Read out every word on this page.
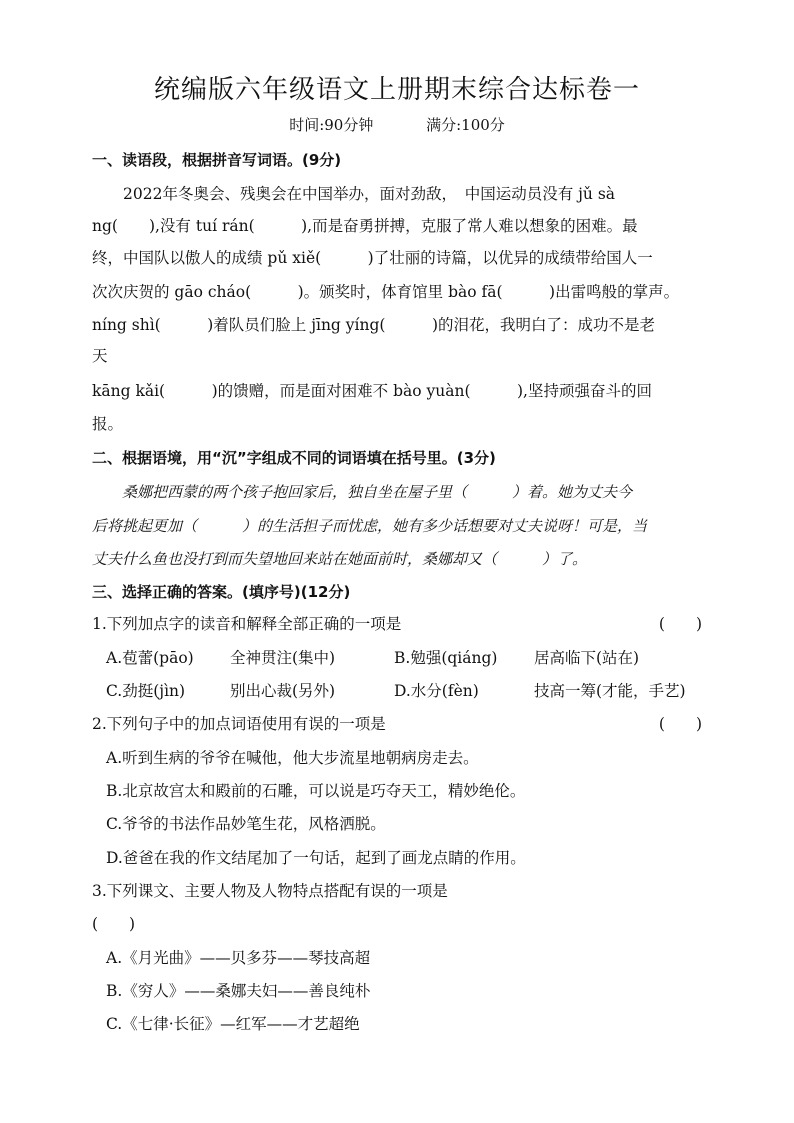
统编版六年级语文上册期末综合达标卷一
时间:90分钟	满分:100分
一、读语段，根据拼音写词语。(9分)
　　2022年冬奥会、残奥会在中国举办，面对劲敌，　中国运动员没有 jǔ sà
ng(　　),没有 tuí rán(　　　),而是奋勇拼搏，克服了常人难以想象的困难。最
终，中国队以傲人的成绩 pǔ xiě(　　　)了壮丽的诗篇，以优异的成绩带给国人一
次次庆贺的 gāo cháo(　　　)。颁奖时，体育馆里 bào fā(　　　)出雷鸣般的掌声。
níng shì(　　　)着队员们脸上 jīng yíng(　　　)的泪花，我明白了：成功不是老
天
kāng kǎi(　　　)的馈赠，而是面对困难不 bào yuàn(　　　),坚持顽强奋斗的回
报。
二、根据语境，用“沉”字组成不同的词语填在括号里。(3分)
　　桑娜把西蒙的两个孩子抱回家后，独自坐在屋子里（　　　）着。她为丈夫今
后将挑起更加（　　　）的生活担子而忧虑，她有多少话想要对丈夫说呀！可是，当
丈夫什么鱼也没打到而失望地回来站在她面前时，桑娜却又（　　　）了。
三、选择正确的答案。(填序号)(12分)
1.下列加点字的读音和解释全部正确的一项是	(　　)
A.苞蕾(pāo) 全神贯注(集中)	B.勉强(qiáng) 居高临下(站在)
C.劲挺(jìn)	别出心裁(另外)	D.水分(fèn)	技高一筹(才能，手艺)
2.下列句子中的加点词语使用有误的一项是	(　　)
A.听到生病的爷爷在喊他，他大步流星地朝病房走去。
B.北京故宫太和殿前的石雕，可以说是巧夺天工，精妙绝伦。
C.爷爷的书法作品妙笔生花，风格洒脱。
D.爸爸在我的作文结尾加了一句话，起到了画龙点睛的作用。
3.下列课文、主要人物及人物特点搭配有误的一项是
(　　)
A.《月光曲》——贝多芬——琴技高超
B.《穷人》——桑娜夫妇——善良纯朴
C.《七律·长征》—红军——才艺超绝
